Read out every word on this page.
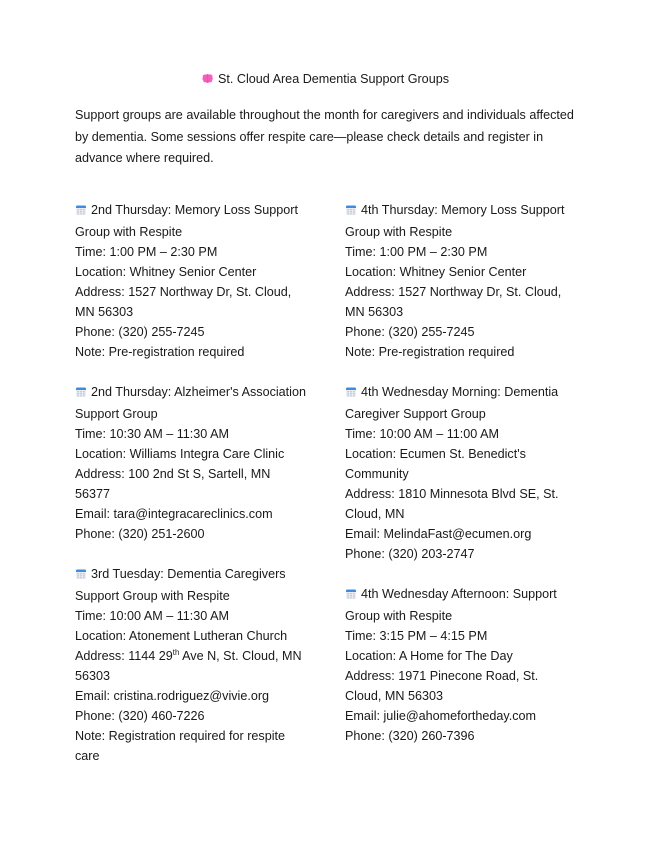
St. Cloud Area Dementia Support Groups

Support groups are available throughout the month for caregivers and individuals affected by dementia. Some sessions offer respite care—please check details and register in advance where required.

2nd Thursday: Memory Loss Support Group with Respite
Time: 1:00 PM – 2:30 PM
Location: Whitney Senior Center
Address: 1527 Northway Dr, St. Cloud, MN 56303
Phone: (320) 255-7245
Note: Pre-registration required
2nd Thursday: Alzheimer's Association Support Group
Time: 10:30 AM – 11:30 AM
Location: Williams Integra Care Clinic
Address: 100 2nd St S, Sartell, MN 56377
Email: tara@integracareclinics.com
Phone: (320) 251-2600
3rd Tuesday: Dementia Caregivers Support Group with Respite
Time: 10:00 AM – 11:30 AM
Location: Atonement Lutheran Church
Address: 1144 29th Ave N, St. Cloud, MN 56303
Email: cristina.rodriguez@vivie.org
Phone: (320) 460-7226
Note: Registration required for respite care
4th Thursday: Memory Loss Support Group with Respite
Time: 1:00 PM – 2:30 PM
Location: Whitney Senior Center
Address: 1527 Northway Dr, St. Cloud, MN 56303
Phone: (320) 255-7245
Note: Pre-registration required
4th Wednesday Morning: Dementia Caregiver Support Group
Time: 10:00 AM – 11:00 AM
Location: Ecumen St. Benedict's Community
Address: 1810 Minnesota Blvd SE, St. Cloud, MN
Email: MelindaFast@ecumen.org
Phone: (320) 203-2747
4th Wednesday Afternoon: Support Group with Respite
Time: 3:15 PM – 4:15 PM
Location: A Home for The Day
Address: 1971 Pinecone Road, St. Cloud, MN 56303
Email: julie@ahomefortheday.com
Phone: (320) 260-7396
